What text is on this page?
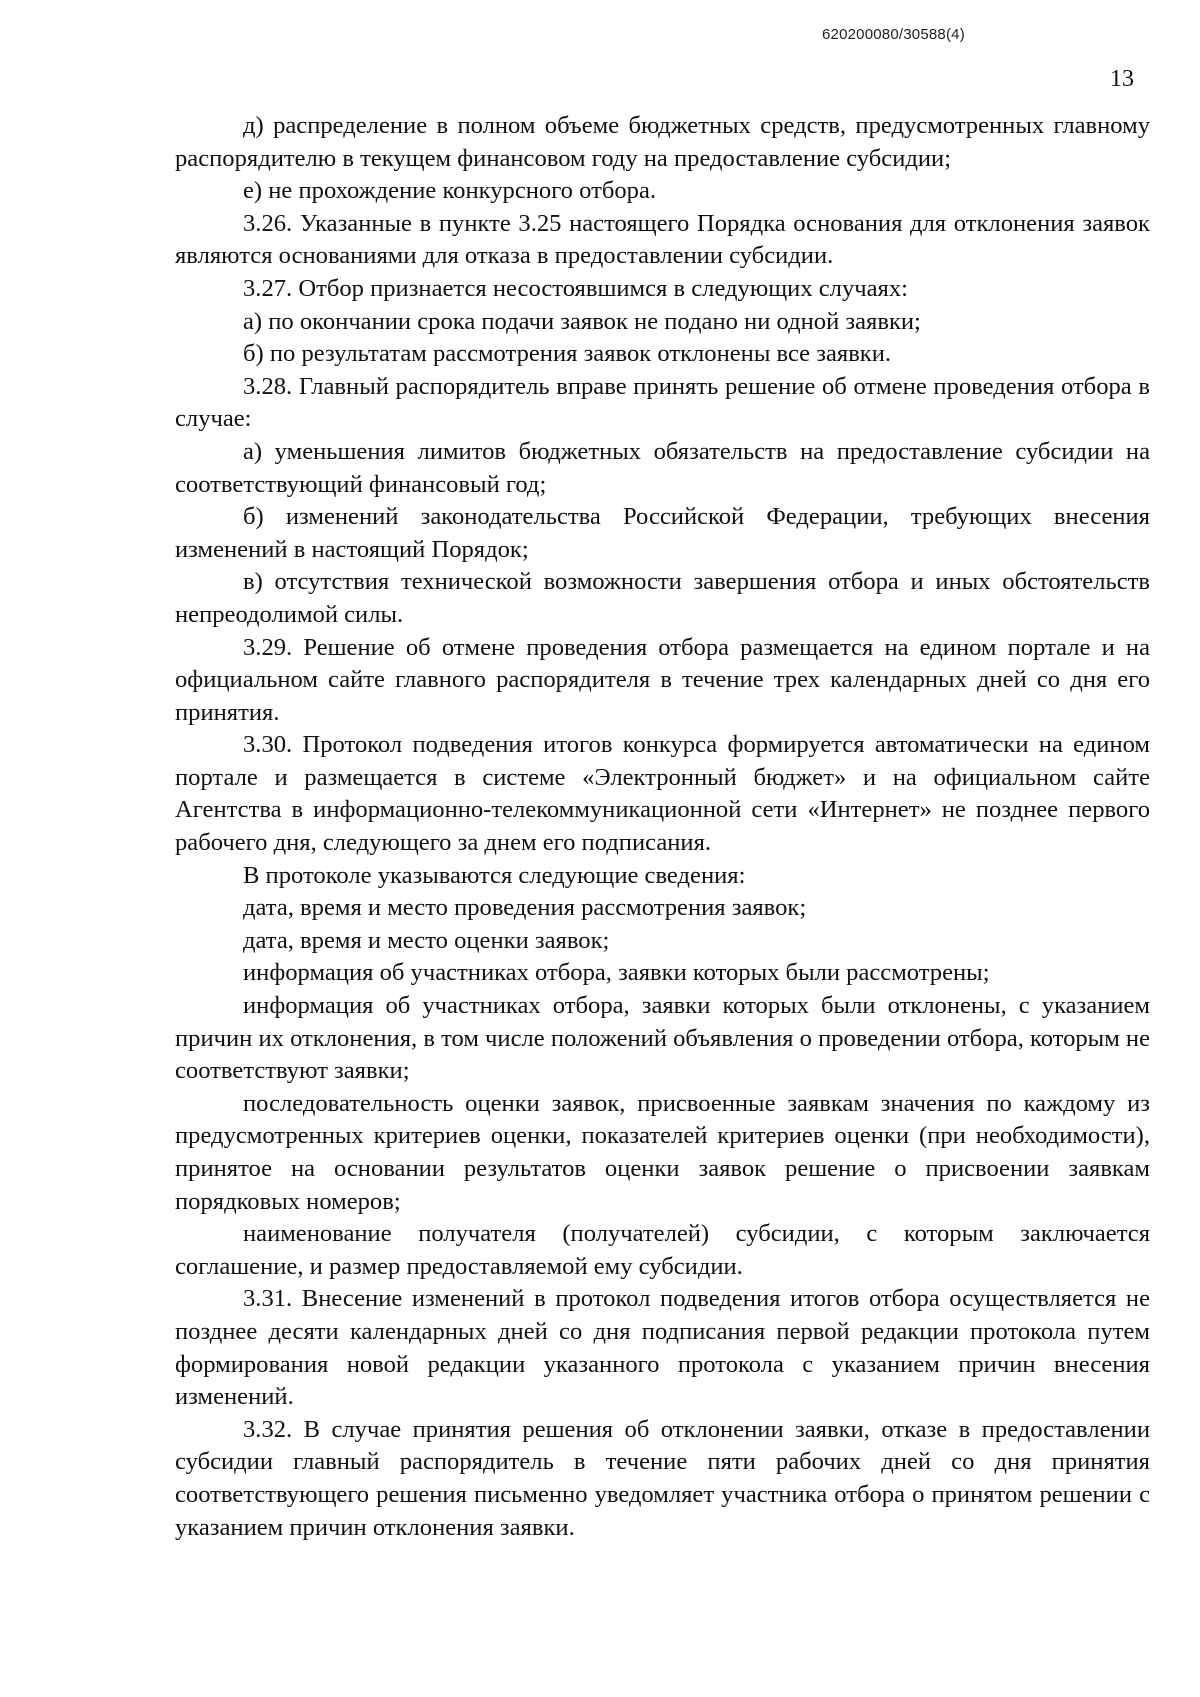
620200080/30588(4)
13

д) распределение в полном объеме бюджетных средств, предусмотренных главному распорядителю в текущем финансовом году на предоставление субсидии;

е) не прохождение конкурсного отбора.

3.26. Указанные в пункте 3.25 настоящего Порядка основания для отклонения заявок являются основаниями для отказа в предоставлении субсидии.

3.27. Отбор признается несостоявшимся в следующих случаях:

а) по окончании срока подачи заявок не подано ни одной заявки;

б) по результатам рассмотрения заявок отклонены все заявки.

3.28. Главный распорядитель вправе принять решение об отмене проведения отбора в случае:

а) уменьшения лимитов бюджетных обязательств на предоставление субсидии на соответствующий финансовый год;

б) изменений законодательства Российской Федерации, требующих внесения изменений в настоящий Порядок;

в) отсутствия технической возможности завершения отбора и иных обстоятельств непреодолимой силы.

3.29. Решение об отмене проведения отбора размещается на едином портале и на официальном сайте главного распорядителя в течение трех календарных дней со дня его принятия.

3.30. Протокол подведения итогов конкурса формируется автоматически на едином портале и размещается в системе «Электронный бюджет» и на официальном сайте Агентства в информационно-телекоммуникационной сети «Интернет» не позднее первого рабочего дня, следующего за днем его подписания.

В протоколе указываются следующие сведения:

дата, время и место проведения рассмотрения заявок;

дата, время и место оценки заявок;

информация об участниках отбора, заявки которых были рассмотрены;

информация об участниках отбора, заявки которых были отклонены, с указанием причин их отклонения, в том числе положений объявления о проведении отбора, которым не соответствуют заявки;

последовательность оценки заявок, присвоенные заявкам значения по каждому из предусмотренных критериев оценки, показателей критериев оценки (при необходимости), принятое на основании результатов оценки заявок решение о присвоении заявкам порядковых номеров;

наименование получателя (получателей) субсидии, с которым заключается соглашение, и размер предоставляемой ему субсидии.

3.31. Внесение изменений в протокол подведения итогов отбора осуществляется не позднее десяти календарных дней со дня подписания первой редакции протокола путем формирования новой редакции указанного протокола с указанием причин внесения изменений.

3.32. В случае принятия решения об отклонении заявки, отказе в предоставлении субсидии главный распорядитель в течение пяти рабочих дней со дня принятия соответствующего решения письменно уведомляет участника отбора о принятом решении с указанием причин отклонения заявки.
